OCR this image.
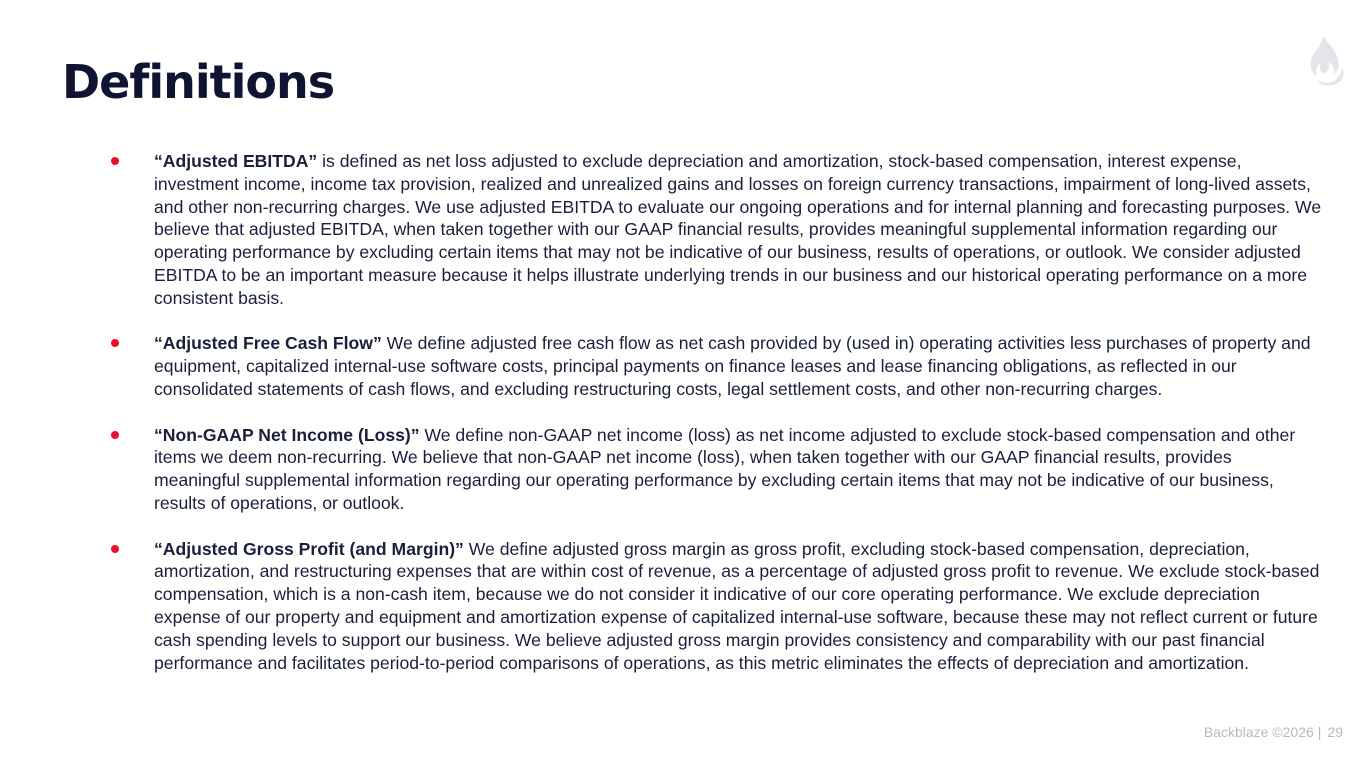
Definitions
“Adjusted EBITDA” is defined as net loss adjusted to exclude depreciation and amortization, stock-based compensation, interest expense, investment income, income tax provision, realized and unrealized gains and losses on foreign currency transactions, impairment of long-lived assets, and other non-recurring charges. We use adjusted EBITDA to evaluate our ongoing operations and for internal planning and forecasting purposes. We believe that adjusted EBITDA, when taken together with our GAAP financial results, provides meaningful supplemental information regarding our operating performance by excluding certain items that may not be indicative of our business, results of operations, or outlook. We consider adjusted EBITDA to be an important measure because it helps illustrate underlying trends in our business and our historical operating performance on a more consistent basis.
“Adjusted Free Cash Flow” We define adjusted free cash flow as net cash provided by (used in) operating activities less purchases of property and equipment, capitalized internal-use software costs, principal payments on finance leases and lease financing obligations, as reflected in our consolidated statements of cash flows, and excluding restructuring costs, legal settlement costs, and other non-recurring charges.
“Non-GAAP Net Income (Loss)” We define non-GAAP net income (loss) as net income adjusted to exclude stock-based compensation and other items we deem non-recurring. We believe that non-GAAP net income (loss), when taken together with our GAAP financial results, provides meaningful supplemental information regarding our operating performance by excluding certain items that may not be indicative of our business, results of operations, or outlook.
“Adjusted Gross Profit (and Margin)” We define adjusted gross margin as gross profit, excluding stock-based compensation, depreciation, amortization, and restructuring expenses that are within cost of revenue, as a percentage of adjusted gross profit to revenue. We exclude stock-based compensation, which is a non-cash item, because we do not consider it indicative of our core operating performance. We exclude depreciation expense of our property and equipment and amortization expense of capitalized internal-use software, because these may not reflect current or future cash spending levels to support our business. We believe adjusted gross margin provides consistency and comparability with our past financial performance and facilitates period-to-period comparisons of operations, as this metric eliminates the effects of depreciation and amortization.
Backblaze ©2026 | 29
